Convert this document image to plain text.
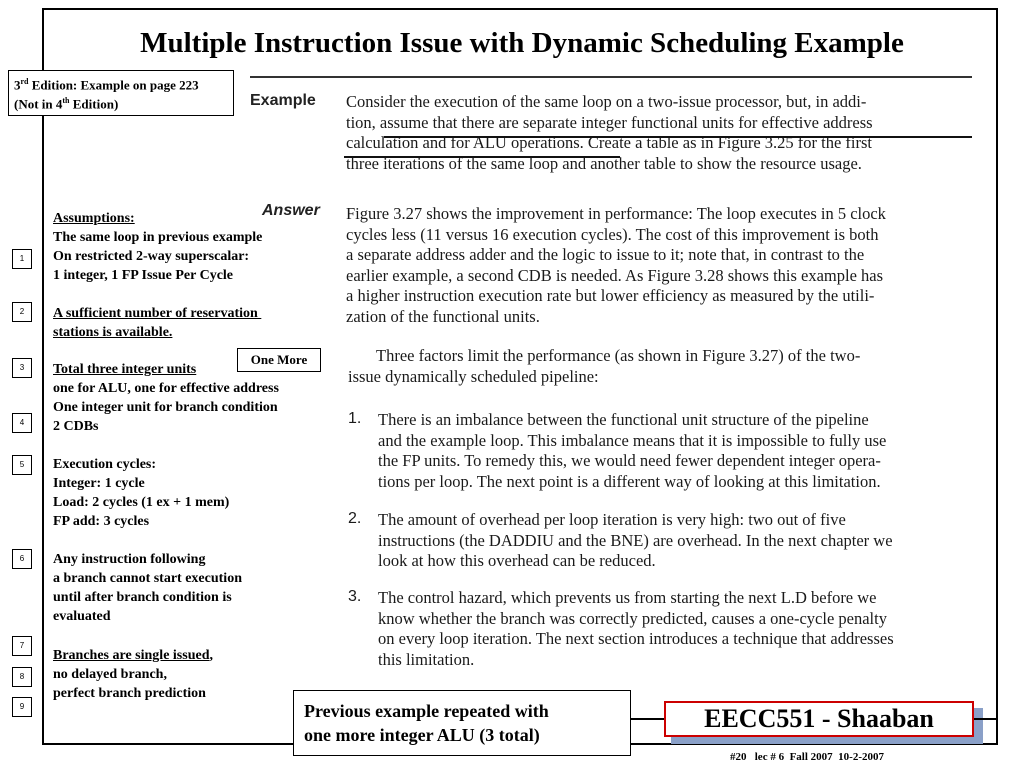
Multiple Instruction Issue with Dynamic Scheduling Example
3rd Edition: Example on page 223
(Not in 4th Edition)	Example
Answer

Consider the execution of the same loop on a two-issue processor, but, in addi-

tion, assume that there are separate integer functional units for effective address

calculation and for ALU operations. Create a table as in Figure 3.25 for the first

three iterations of the same loop and another table to show the resource usage.

Figure 3.27 shows the improvement in performance: The loop executes in 5 clock

cycles less (11 versus 16 execution cycles). The cost of this improvement is both

a separate address adder and the logic to issue to it; note that, in contrast to the

earlier example, a second CDB is needed. As Figure 3.28 shows this example has

a higher instruction execution rate but lower efficiency as measured by the utili-

zation of the functional units.

Three factors limit the performance (as shown in Figure 3.27) of the two-

issue dynamically scheduled pipeline:

1. There is an imbalance between the functional unit structure of the pipeline

and the example loop. This imbalance means that it is impossible to fully use

the FP units. To remedy this, we would need fewer dependent integer opera-

tions per loop. The next point is a different way of looking at this limitation.

2. The amount of overhead per loop iteration is very high: two out of five

instructions (the DADDIU and the BNE) are overhead. In the next chapter we

look at how this overhead can be reduced.

3. The control hazard, which prevents us from starting the next L.D before we

know whether the branch was correctly predicted, causes a one-cycle penalty

on every loop iteration. The next section introduces a technique that addresses

this limitation.

Assumptions:
The same loop in previous example
On restricted 2-way superscalar:
1 integer, 1 FP Issue Per Cycle
A sufficient number of reservation
stations is available.
Total three integer units
one for ALU, one for effective address
One integer unit for branch condition
2 CDBs
Execution cycles:
Integer: 1 cycle
Load: 2 cycles (1 ex + 1 mem)
FP add: 3 cycles
Any instruction following
a branch cannot start execution
until after branch condition is
evaluated
Branches are single issued,
no delayed branch,
perfect branch prediction
1
2
3
4
5
6
7
8
9
One More
Previous example repeated with
one more integer ALU (3 total)
EECC551 - Shaaban
#20   lec # 6  Fall 2007  10-2-2007
